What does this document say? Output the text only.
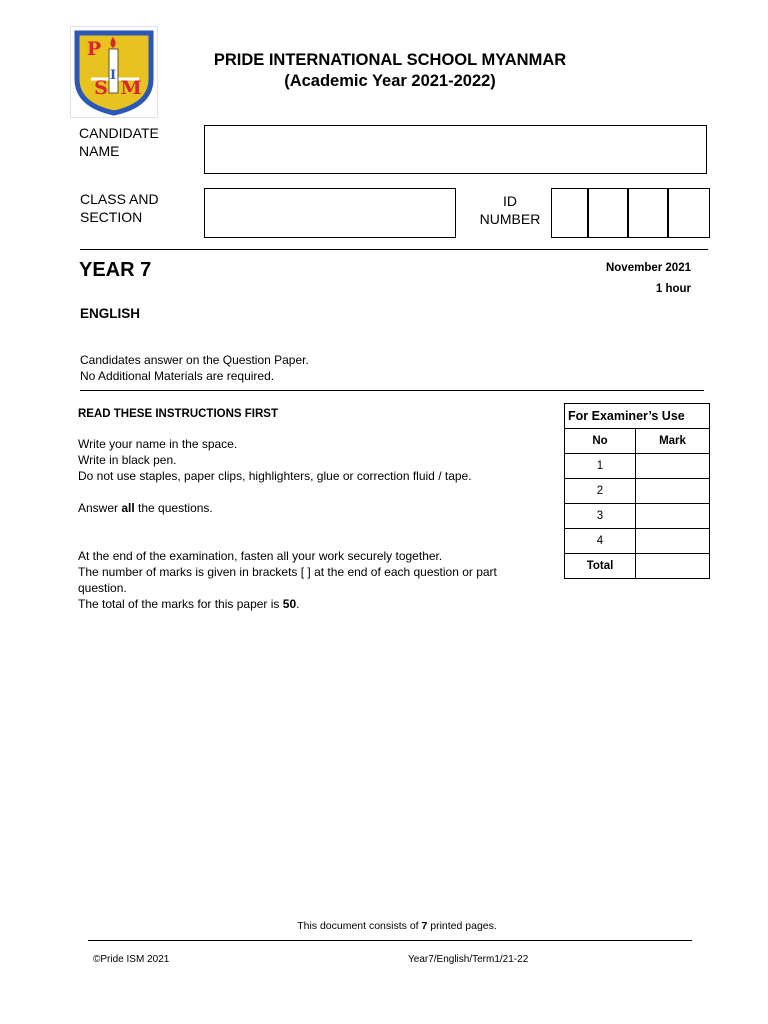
P
I
S M
PRIDE INTERNATIONAL SCHOOL MYANMAR
(Academic Year 2021-2022)
CANDIDATE
NAME
CLASS AND
SECTION
ID
NUMBER
YEAR 7	November 2021
1 hour
ENGLISH
Candidates answer on the Question Paper.
No Additional Materials are required.
READ THESE INSTRUCTIONS FIRST
Write your name in the space.
Write in black pen.
Do not use staples, paper clips, highlighters, glue or correction fluid / tape.
Answer all the questions.
At the end of the examination, fasten all your work securely together.
The number of marks is given in brackets [ ] at the end of each question or part
question.
The total of the marks for this paper is 50.
For Examiner’s Use	
No	Mark
1	
2	
3	
4	
Total	
This document consists of 7 printed pages.
©Pride ISM 2021	Year7/English/Term1/21-22
